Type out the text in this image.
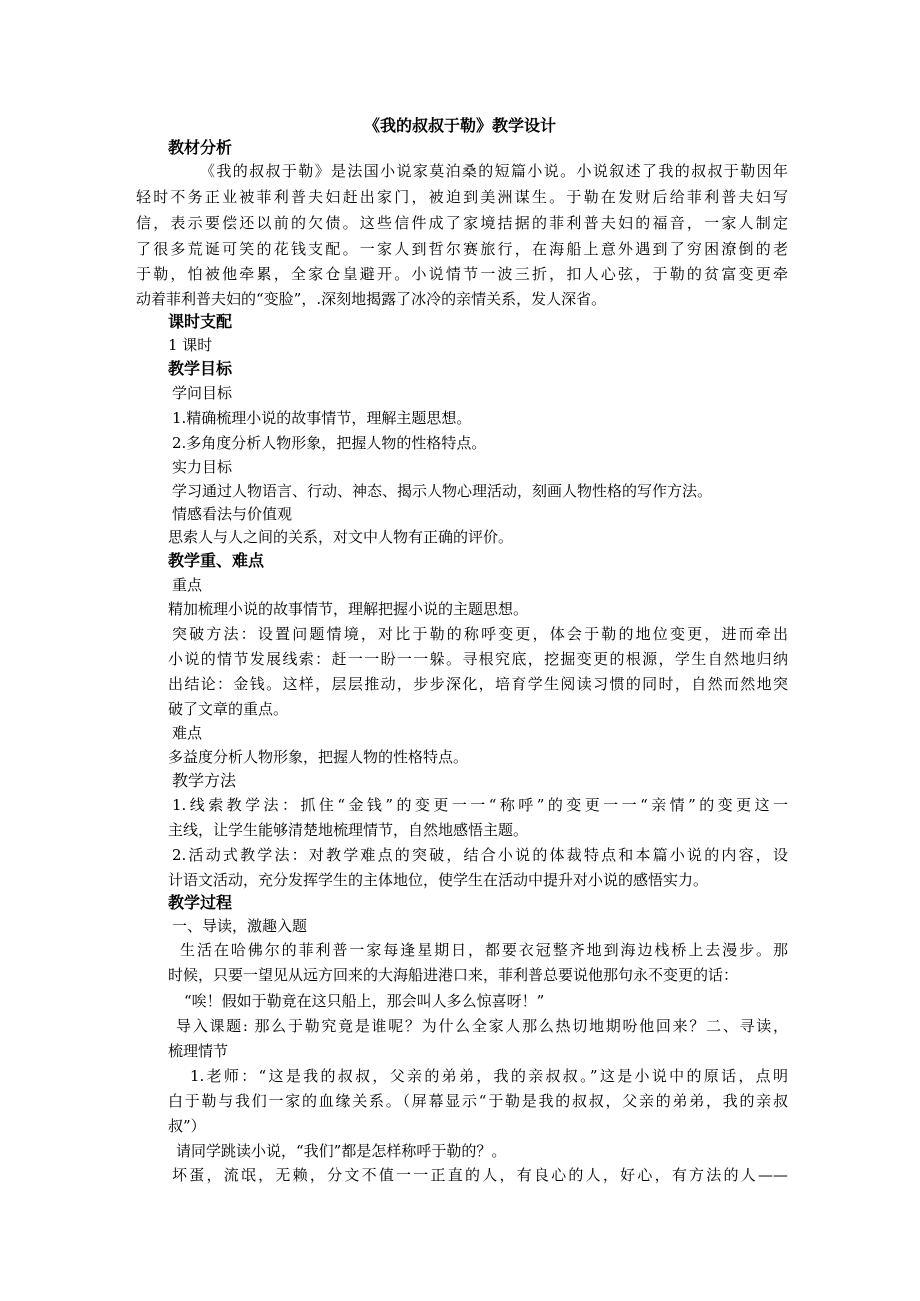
《我的叔叔于勒》教学设计
教材分析
《我的叔叔于勒》是法国小说家莫泊桑的短篇小说。小说叙述了我的叔叔于勒因年
轻时不务正业被菲利普夫妇赶出家门，被迫到美洲谋生。于勒在发财后给菲利普夫妇写
信，表示要偿还以前的欠债。这些信件成了家境拮据的菲利普夫妇的福音，一家人制定
了很多荒诞可笑的花钱支配。一家人到哲尔赛旅行，在海船上意外遇到了穷困潦倒的老
于勒，怕被他牵累，全家仓皇避开。小说情节一波三折，扣人心弦，于勒的贫富变更牵
动着菲利普夫妇的“变脸”，.深刻地揭露了冰冷的亲情关系，发人深省。
课时支配
1 课时
教学目标
学问目标
1.精确梳理小说的故事情节，理解主题思想。
2.多角度分析人物形象，把握人物的性格特点。
实力目标
学习通过人物语言、行动、神态、揭示人物心理活动，刻画人物性格的写作方法。
情感看法与价值观
思索人与人之间的关系，对文中人物有正确的评价。
教学重、难点
重点
精加梳理小说的故事情节，理解把握小说的主题思想。
突破方法：设置问题情境，对比于勒的称呼变更，体会于勒的地位变更，进而牵出
小说的情节发展线索：赶一一盼一一躲。寻根究底，挖掘变更的根源，学生自然地归纳
出结论：金钱。这样，层层推动，步步深化，培育学生阅读习惯的同时，自然而然地突
破了文章的重点。
难点
多益度分析人物形象，把握人物的性格特点。
教学方法
1.线索教学法：抓住“金钱”的变更一一“称呼”的变更一一“亲情”的变更这一
主线，让学生能够清楚地梳理情节，自然地感悟主题。
2.活动式教学法：对教学难点的突破，结合小说的体裁特点和本篇小说的内容，设
计语文活动，充分发挥学生的主体地位，使学生在活动中提升对小说的感悟实力。
教学过程
一、导读，激趣入题
生活在哈佛尔的菲利普一家每逢星期日，都要衣冠整齐地到海边栈桥上去漫步。那
时候，只要一望见从远方回来的大海船进港口来，菲利普总要说他那句永不变更的话：
“唉！假如于勒竟在这只船上，那会叫人多么惊喜呀！”
导入课题: 那么于勒究竟是谁呢？为什么全家人那么热切地期吩他回来？二、寻读，
梳理情节
1.老师：“这是我的叔叔，父亲的弟弟，我的亲叔叔。”这是小说中的原话，点明
白于勒与我们一家的血缘关系。（屏幕显示“于勒是我的叔叔，父亲的弟弟，我的亲叔
叔”）
请同学跳读小说，“我们”都是怎样称呼于勒的？。
坏蛋，流氓，无赖，分文不值一一正直的人，有良心的人，好心，有方法的人——
